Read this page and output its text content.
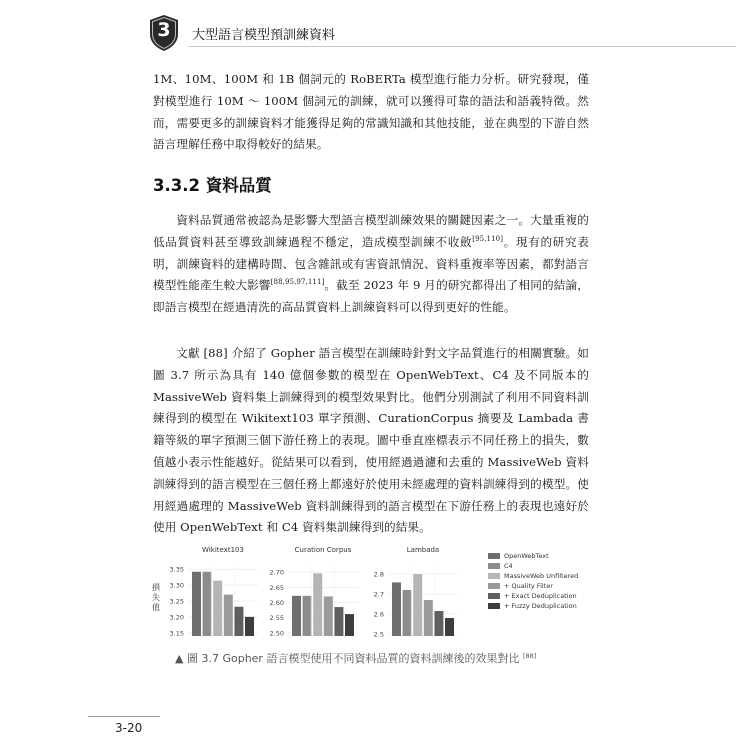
3	大型語言模型預訓練資料

1M、10M、100M 和 1B 個詞元的 RoBERTa 模型進行能力分析。研究發現，僅對模型進行 10M ～ 100M 個詞元的訓練，就可以獲得可靠的語法和語義特徵。然而，需要更多的訓練資料才能獲得足夠的常識知識和其他技能，並在典型的下游自然語言理解任務中取得較好的結果。

3.3.2 資料品質

資料品質通常被認為是影響大型語言模型訓練效果的關鍵因素之一。大量重複的低品質資料甚至導致訓練過程不穩定，造成模型訓練不收斂[95,110]。現有的研究表明，訓練資料的建構時間、包含雜訊或有害資訊情況、資料重複率等因素，都對語言模型性能產生較大影響[88,95,97,111]。截至 2023 年 9 月的研究都得出了相同的結論，即語言模型在經過清洗的高品質資料上訓練資料可以得到更好的性能。

文獻 [88] 介紹了 Gopher 語言模型在訓練時針對文字品質進行的相關實驗。如圖 3.7 所示為具有 140 億個參數的模型在 OpenWebText、C4 及不同版本的 MassiveWeb 資料集上訓練得到的模型效果對比。他們分別測試了利用不同資料訓練得到的模型在 Wikitext103 單字預測、CurationCorpus 摘要及 Lambada 書籍等級的單字預測三個下游任務上的表現。圖中垂直座標表示不同任務上的損失，數值越小表示性能越好。從結果可以看到，使用經過過濾和去重的 MassiveWeb 資料訓練得到的語言模型在三個任務上都遠好於使用未經處理的資料訓練得到的模型。使用經過處理的 MassiveWeb 資料訓練得到的語言模型在下游任務上的表現也遠好於使用 OpenWebText 和 C4 資料集訓練得到的結果。

損
失
值
Wikitext103
3.35
3.30
3.25
3.20
3.15
Curation Corpus
2.70
2.65
2.60
2.55
2.50
Lambada
2.8
2.7
2.6
2.5
OpenWebText
C4
MassiveWeb Unfiltered
+ Quality Filter
+ Exact Deduplication
+ Fuzzy Deduplication
▲ 圖 3.7 Gopher 語言模型使用不同資料品質的資料訓練後的效果對比 [88]
3-20
